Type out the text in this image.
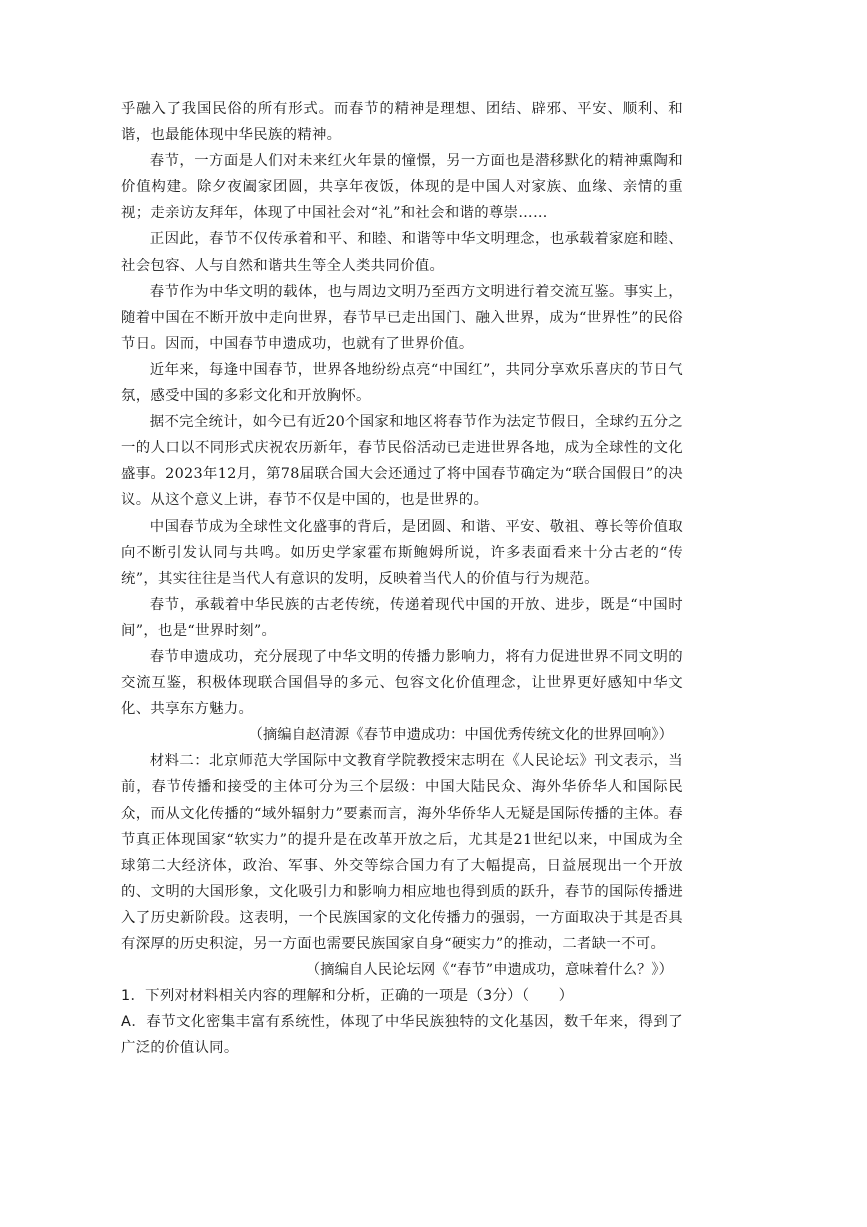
乎融入了我国民俗的所有形式。而春节的精神是理想、团结、辟邪、平安、顺利、和谐，也最能体现中华民族的精神。

春节，一方面是人们对未来红火年景的憧憬，另一方面也是潜移默化的精神熏陶和价值构建。除夕夜阖家团圆，共享年夜饭，体现的是中国人对家族、血缘、亲情的重视；走亲访友拜年，体现了中国社会对“礼”和社会和谐的尊崇……

正因此，春节不仅传承着和平、和睦、和谐等中华文明理念，也承载着家庭和睦、社会包容、人与自然和谐共生等全人类共同价值。

春节作为中华文明的载体，也与周边文明乃至西方文明进行着交流互鉴。事实上，随着中国在不断开放中走向世界，春节早已走出国门、融入世界，成为“世界性”的民俗节日。因而，中国春节申遗成功，也就有了世界价值。

近年来，每逢中国春节，世界各地纷纷点亮“中国红”，共同分享欢乐喜庆的节日气氛，感受中国的多彩文化和开放胸怀。

据不完全统计，如今已有近20个国家和地区将春节作为法定节假日，全球约五分之一的人口以不同形式庆祝农历新年，春节民俗活动已走进世界各地，成为全球性的文化盛事。2023年12月，第78届联合国大会还通过了将中国春节确定为“联合国假日”的决议。从这个意义上讲，春节不仅是中国的，也是世界的。

中国春节成为全球性文化盛事的背后，是团圆、和谐、平安、敬祖、尊长等价值取向不断引发认同与共鸣。如历史学家霍布斯鲍姆所说，许多表面看来十分古老的“传统”，其实往往是当代人有意识的发明，反映着当代人的价值与行为规范。

春节，承载着中华民族的古老传统，传递着现代中国的开放、进步，既是“中国时间”，也是“世界时刻”。

春节申遗成功，充分展现了中华文明的传播力影响力，将有力促进世界不同文明的交流互鉴，积极体现联合国倡导的多元、包容文化价值理念，让世界更好感知中华文化、共享东方魅力。

（摘编自赵清源《春节申遗成功：中国优秀传统文化的世界回响》）

材料二：北京师范大学国际中文教育学院教授宋志明在《人民论坛》刊文表示，当前，春节传播和接受的主体可分为三个层级：中国大陆民众、海外华侨华人和国际民众，而从文化传播的“域外辐射力”要素而言，海外华侨华人无疑是国际传播的主体。春节真正体现国家“软实力”的提升是在改革开放之后，尤其是21世纪以来，中国成为全球第二大经济体，政治、军事、外交等综合国力有了大幅提高，日益展现出一个开放的、文明的大国形象，文化吸引力和影响力相应地也得到质的跃升，春节的国际传播进入了历史新阶段。这表明，一个民族国家的文化传播力的强弱，一方面取决于其是否具有深厚的历史积淀，另一方面也需要民族国家自身“硬实力”的推动，二者缺一不可。

（摘编自人民论坛网《“春节”申遗成功，意味着什么？》）

1．下列对材料相关内容的理解和分析，正确的一项是（3分）（　　）

A．春节文化密集丰富有系统性，体现了中华民族独特的文化基因，数千年来，得到了广泛的价值认同。
